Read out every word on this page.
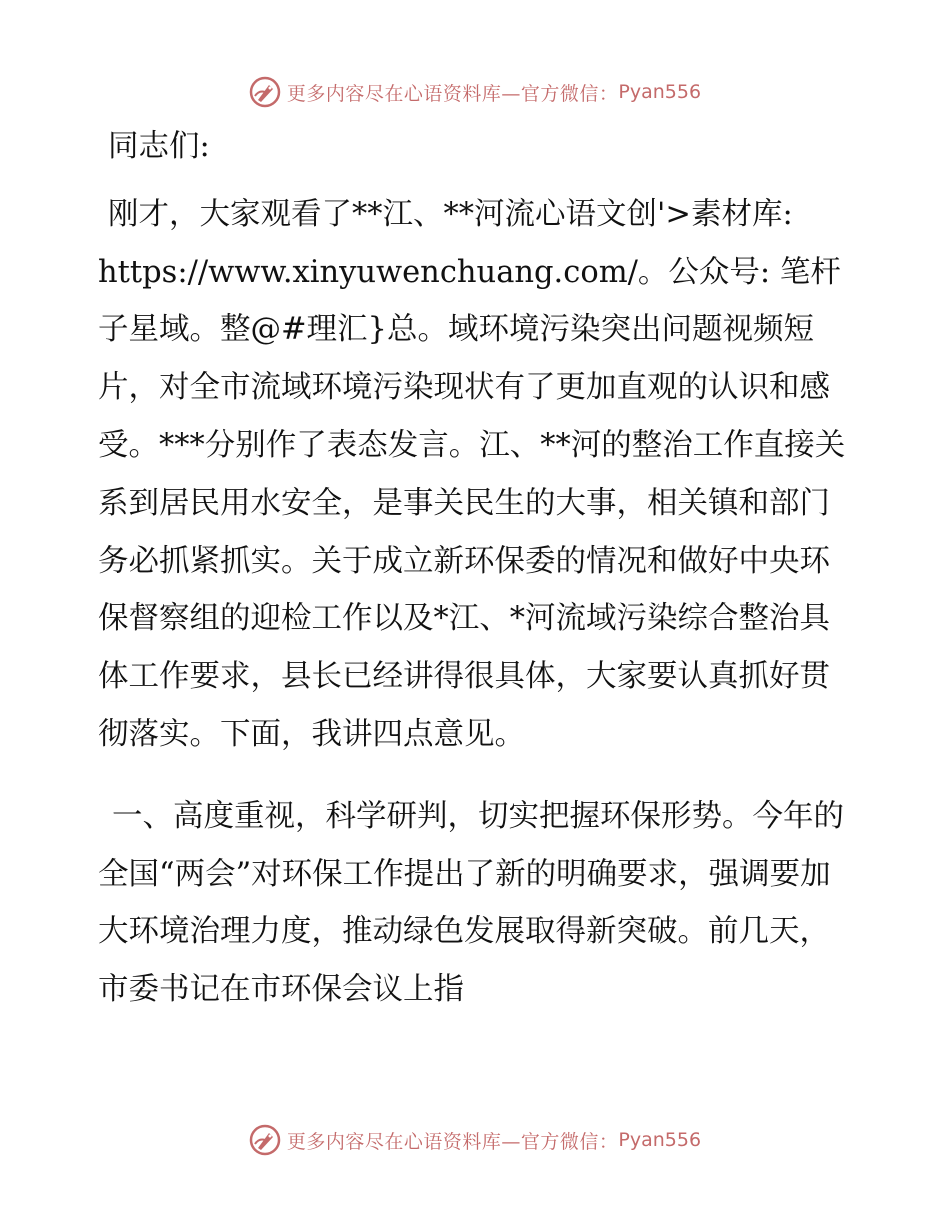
更多内容尽在心语资料库—官方微信： Pyan556

同志们:

刚才，大家观看了**江、**河流心语文创'>素材库: https://www.xinyuwenchuang.com/。公众号: 笔杆子星域。整@#理汇}总。域环境污染突出问题视频短片，对全市流域环境污染现状有了更加直观的认识和感受。***分别作了表态发言。江、**河的整治工作直接关系到居民用水安全，是事关民生的大事，相关镇和部门务必抓紧抓实。关于成立新环保委的情况和做好中央环保督察组的迎检工作以及*江、*河流域污染综合整治具体工作要求，县长已经讲得很具体，大家要认真抓好贯彻落实。下面，我讲四点意见。

一、高度重视，科学研判，切实把握环保形势。今年的全国“两会”对环保工作提出了新的明确要求，强调要加大环境治理力度，推动绿色发展取得新突破。前几天，市委书记在市环保会议上指

更多内容尽在心语资料库—官方微信： Pyan556
